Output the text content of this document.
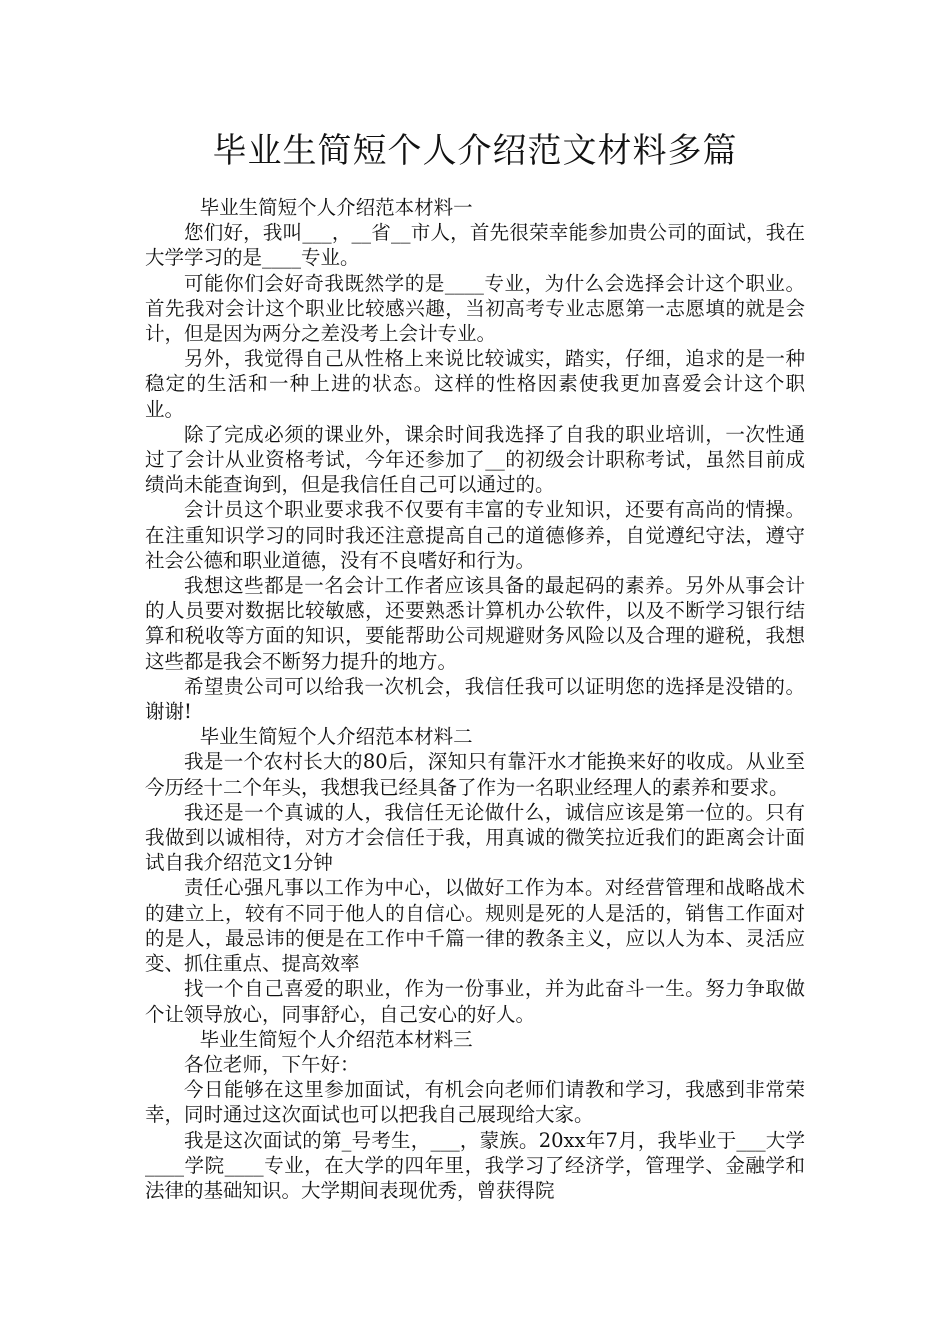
毕业生简短个人介绍范文材料多篇

毕业生简短个人介绍范本材料一

您们好，我叫___，__省__市人，首先很荣幸能参加贵公司的面试，我在大学学习的是____专业。

可能你们会好奇我既然学的是____专业，为什么会选择会计这个职业。首先我对会计这个职业比较感兴趣，当初高考专业志愿第一志愿填的就是会计，但是因为两分之差没考上会计专业。

另外，我觉得自己从性格上来说比较诚实，踏实，仔细，追求的是一种稳定的生活和一种上进的状态。这样的性格因素使我更加喜爱会计这个职业。

除了完成必须的课业外，课余时间我选择了自我的职业培训，一次性通过了会计从业资格考试，今年还参加了__的初级会计职称考试，虽然目前成绩尚未能查询到，但是我信任自己可以通过的。

会计员这个职业要求我不仅要有丰富的专业知识，还要有高尚的情操。在注重知识学习的同时我还注意提高自己的道德修养，自觉遵纪守法，遵守社会公德和职业道德，没有不良嗜好和行为。

我想这些都是一名会计工作者应该具备的最起码的素养。另外从事会计的人员要对数据比较敏感，还要熟悉计算机办公软件，以及不断学习银行结算和税收等方面的知识，要能帮助公司规避财务风险以及合理的避税，我想这些都是我会不断努力提升的地方。

希望贵公司可以给我一次机会，我信任我可以证明您的选择是没错的。谢谢!

毕业生简短个人介绍范本材料二

我是一个农村长大的80后，深知只有靠汗水才能换来好的收成。从业至今历经十二个年头，我想我已经具备了作为一名职业经理人的素养和要求。

我还是一个真诚的人，我信任无论做什么，诚信应该是第一位的。只有我做到以诚相待，对方才会信任于我，用真诚的微笑拉近我们的距离会计面试自我介绍范文1分钟

责任心强凡事以工作为中心，以做好工作为本。对经营管理和战略战术的建立上，较有不同于他人的自信心。规则是死的人是活的，销售工作面对的是人，最忌讳的便是在工作中千篇一律的教条主义，应以人为本、灵活应变、抓住重点、提高效率

找一个自己喜爱的职业，作为一份事业，并为此奋斗一生。努力争取做个让领导放心，同事舒心，自己安心的好人。

毕业生简短个人介绍范本材料三

各位老师，下午好：

今日能够在这里参加面试，有机会向老师们请教和学习，我感到非常荣幸，同时通过这次面试也可以把我自己展现给大家。

我是这次面试的第_号考生，___，蒙族。20xx年7月，我毕业于___大学____学院____专业，在大学的四年里，我学习了经济学，管理学、金融学和法律的基础知识。大学期间表现优秀，曾获得院
